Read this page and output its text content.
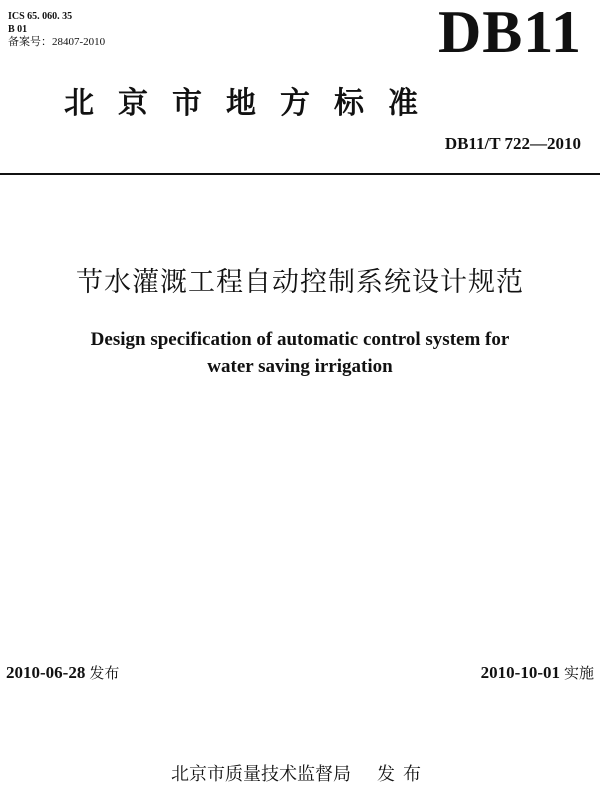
ICS 65. 060. 35
B 01
备案号：28407-2010	DB11
北京市地方标准
DB11/T 722—2010
节水灌溉工程自动控制系统设计规范
Design specification of automatic control system for
water saving irrigation
2010-06-28 发布	2010-10-01 实施
北京市质量技术监督局 发布
